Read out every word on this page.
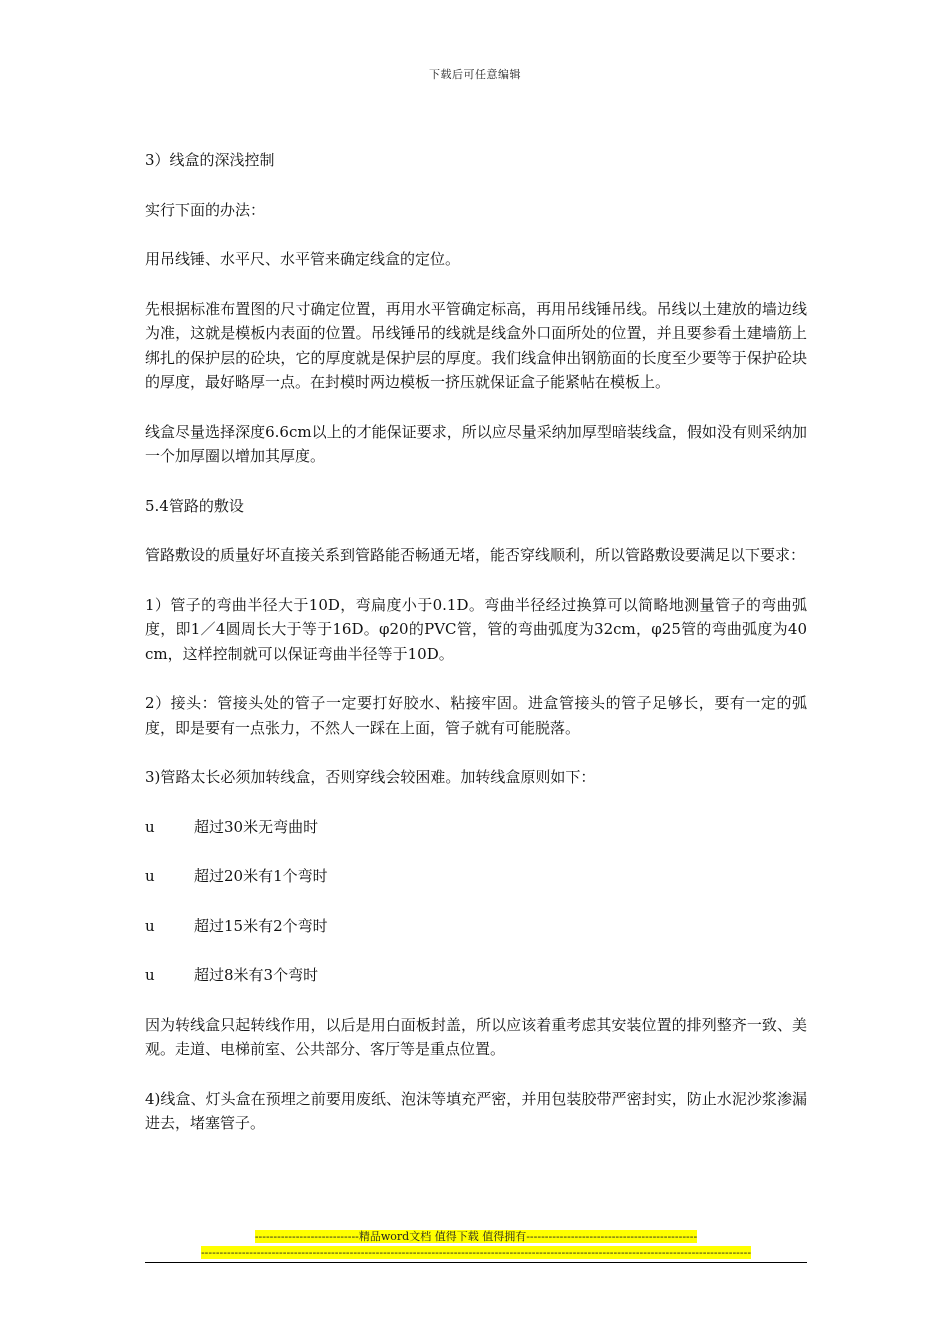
下载后可任意编辑

3）线盒的深浅控制

实行下面的办法：

用吊线锤、水平尺、水平管来确定线盒的定位。

先根据标准布置图的尺寸确定位置，再用水平管确定标高，再用吊线锤吊线。吊线以土建放的墙边线为准，这就是模板内表面的位置。吊线锤吊的线就是线盒外口面所处的位置，并且要参看土建墙筋上绑扎的保护层的砼块，它的厚度就是保护层的厚度。我们线盒伸出钢筋面的长度至少要等于保护砼块的厚度，最好略厚一点。在封模时两边模板一挤压就保证盒子能紧帖在模板上。

线盒尽量选择深度6.6cm以上的才能保证要求，所以应尽量采纳加厚型暗装线盒，假如没有则采纳加一个加厚圈以增加其厚度。

5.4管路的敷设

管路敷设的质量好坏直接关系到管路能否畅通无堵，能否穿线顺利，所以管路敷设要满足以下要求：

1）管子的弯曲半径大于10D，弯扁度小于0.1D。弯曲半径经过换算可以简略地测量管子的弯曲弧度，即1／4圆周长大于等于16D。φ20的PVC管，管的弯曲弧度为32cm，φ25管的弯曲弧度为40 cm，这样控制就可以保证弯曲半径等于10D。

2）接头：管接头处的管子一定要打好胶水、粘接牢固。进盒管接头的管子足够长，要有一定的弧度，即是要有一点张力，不然人一踩在上面，管子就有可能脱落。

3)管路太长必须加转线盒，否则穿线会较困难。加转线盒原则如下：

u	超过30米无弯曲时
u	超过20米有1个弯时
u	超过15米有2个弯时
u	超过8米有3个弯时

因为转线盒只起转线作用，以后是用白面板封盖，所以应该着重考虑其安装位置的排列整齐一致、美观。走道、电梯前室、公共部分、客厅等是重点位置。

4)线盒、灯头盒在预埋之前要用废纸、泡沫等填充严密，并用包装胶带严密封实，防止水泥沙浆渗漏进去，堵塞管子。

----------------------------精品word文档 值得下载 值得拥有----------------------------------------------
----------------------------------------------------------------------------------------------------------------------------------------------------
